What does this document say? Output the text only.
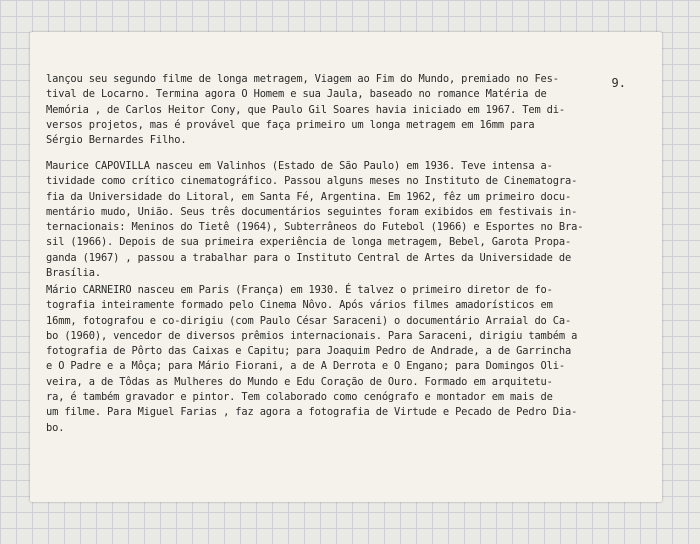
9.
lançou seu segundo filme de longa metragem, Viagem ao Fim do Mundo, premiado no Fes-
tival de Locarno. Termina agora O Homem e sua Jaula, baseado no romance Matéria de
Memória , de Carlos Heitor Cony, que Paulo Gil Soares havia iniciado em 1967. Tem di-
versos projetos, mas é provável que faça primeiro um longa metragem em 16mm para
Sérgio Bernardes Filho.
Maurice CAPOVILLA nasceu em Valinhos (Estado de São Paulo) em 1936. Teve intensa a-
tividade como crítico cinematográfico. Passou alguns meses no Instituto de Cinematogra-
fia da Universidade do Litoral, em Santa Fé, Argentina. Em 1962, fêz um primeiro docu-
mentário mudo, União. Seus três documentários seguintes foram exibidos em festivais in-
ternacionais: Meninos do Tietê (1964), Subterrâneos do Futebol (1966) e Esportes no Bra-
sil (1966). Depois de sua primeira experiência de longa metragem, Bebel, Garota Propa-
ganda (1967) , passou a trabalhar para o Instituto Central de Artes da Universidade de
Brasília.
Mário CARNEIRO nasceu em Paris (França) em 1930. É talvez o primeiro diretor de fo-
tografia inteiramente formado pelo Cinema Nôvo. Após vários filmes amadorísticos em
16mm, fotografou e co-dirigiu (com Paulo César Saraceni) o documentário Arraial do Ca-
bo (1960), vencedor de diversos prêmios internacionais. Para Saraceni, dirigiu também a
fotografia de Pôrto das Caixas e Capitu; para Joaquim Pedro de Andrade, a de Garrincha
e O Padre e a Môça; para Mário Fiorani, a de A Derrota e O Engano; para Domingos Oli-
veira, a de Tôdas as Mulheres do Mundo e Edu Coração de Ouro. Formado em arquitetu-
ra, é também gravador e pintor. Tem colaborado como cenógrafo e montador em mais de
um filme. Para Miguel Farias , faz agora a fotografia de Virtude e Pecado de Pedro Dia-
bo.
